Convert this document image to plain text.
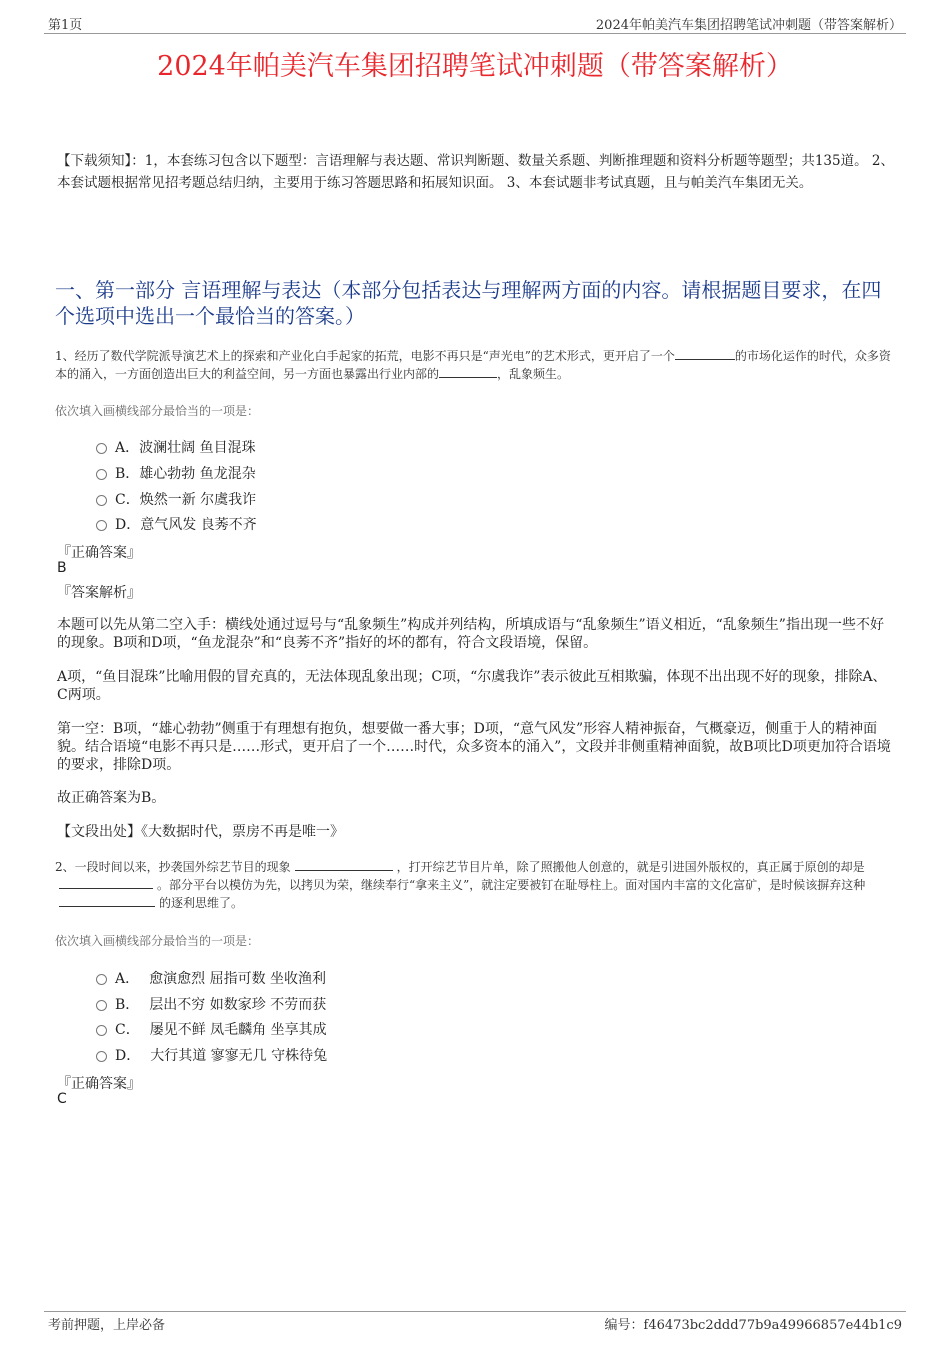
第1页	2024年帕美汽车集团招聘笔试冲刺题（带答案解析）
2024年帕美汽车集团招聘笔试冲刺题（带答案解析）
【下载须知】：1，本套练习包含以下题型：言语理解与表达题、常识判断题、数量关系题、判断推理题和资料分析题等题型；共135道。 2、本套试题根据常见招考题总结归纳，主要用于练习答题思路和拓展知识面。 3、本套试题非考试真题，且与帕美汽车集团无关。
一、第一部分 言语理解与表达（本部分包括表达与理解两方面的内容。请根据题目要求，在四个选项中选出一个最恰当的答案。）
1、经历了数代学院派导演艺术上的探索和产业化白手起家的拓荒，电影不再只是“声光电”的艺术形式，更开启了一个	的市场化运作的时代，众多资本的涌入，一方面创造出巨大的利益空间，另一方面也暴露出行业内部的	，乱象频生。
依次填入画横线部分最恰当的一项是：
A． 波澜壮阔 鱼目混珠
B． 雄心勃勃 鱼龙混杂
C． 焕然一新 尔虞我诈
D． 意气风发 良莠不齐
『正确答案』
B
『答案解析』
本题可以先从第二空入手：横线处通过逗号与“乱象频生”构成并列结构，所填成语与“乱象频生”语义相近，“乱象频生”指出现一些不好的现象。B项和D项，“鱼龙混杂”和“良莠不齐”指好的坏的都有，符合文段语境，保留。
A项，“鱼目混珠”比喻用假的冒充真的，无法体现乱象出现；C项，“尔虞我诈”表示彼此互相欺骗，体现不出出现不好的现象，排除A、C两项。
第一空：B项，“雄心勃勃”侧重于有理想有抱负，想要做一番大事；D项，“意气风发”形容人精神振奋，气概豪迈，侧重于人的精神面貌。结合语境“电影不再只是……形式，更开启了一个……时代，众多资本的涌入”，文段并非侧重精神面貌，故B项比D项更加符合语境的要求，排除D项。
故正确答案为B。
【文段出处】《大数据时代，票房不再是唯一》
2、一段时间以来，抄袭国外综艺节目的现象	，打开综艺节目片单，除了照搬他人创意的，就是引进国外版权的，真正属于原创的却是。部分平台以模仿为先，以拷贝为荣，继续奉行“拿来主义”，就注定要被钉在耻辱柱上。面对国内丰富的文化富矿，是时候该摒弃这种的逐利思维了。
依次填入画横线部分最恰当的一项是：
A． 愈演愈烈 屈指可数 坐收渔利
B． 层出不穷 如数家珍 不劳而获
C． 屡见不鲜 凤毛麟角 坐享其成
D． 大行其道 寥寥无几 守株待兔
『正确答案』
C
考前押题，上岸必备	编号：f46473bc2ddd77b9a49966857e44b1c9
